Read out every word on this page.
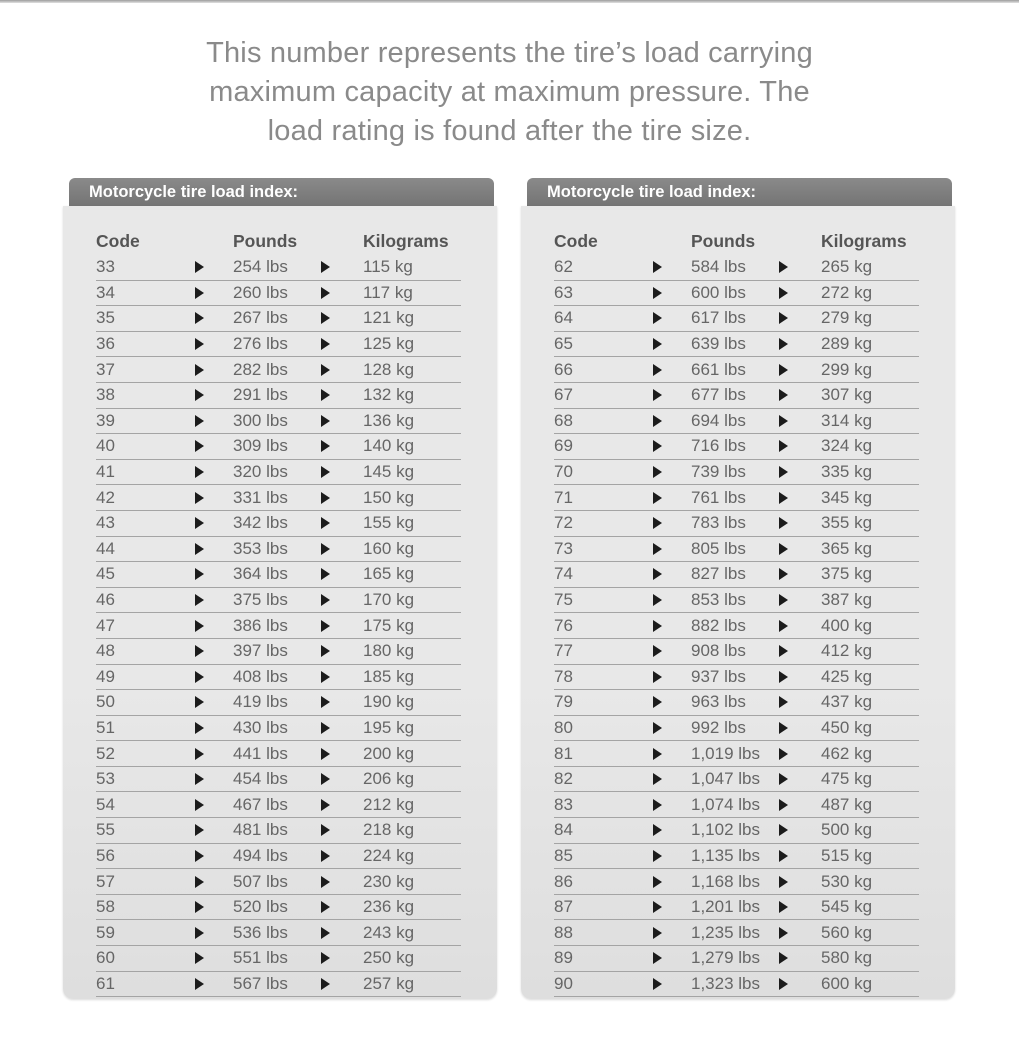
This number represents the tire’s load carrying
maximum capacity at maximum pressure. The
load rating is found after the tire size.
Motorcycle tire load index:
Code	Pounds	Kilograms
33	254 lbs	115 kg
34	260 lbs	117 kg
35	267 lbs	121 kg
36	276 lbs	125 kg
37	282 lbs	128 kg
38	291 lbs	132 kg
39	300 lbs	136 kg
40	309 lbs	140 kg
41	320 lbs	145 kg
42	331 lbs	150 kg
43	342 lbs	155 kg
44	353 lbs	160 kg
45	364 lbs	165 kg
46	375 lbs	170 kg
47	386 lbs	175 kg
48	397 lbs	180 kg
49	408 lbs	185 kg
50	419 lbs	190 kg
51	430 lbs	195 kg
52	441 lbs	200 kg
53	454 lbs	206 kg
54	467 lbs	212 kg
55	481 lbs	218 kg
56	494 lbs	224 kg
57	507 lbs	230 kg
58	520 lbs	236 kg
59	536 lbs	243 kg
60	551 lbs	250 kg
61	567 lbs	257 kg
Motorcycle tire load index:
Code	Pounds	Kilograms
62	584 lbs	265 kg
63	600 lbs	272 kg
64	617 lbs	279 kg
65	639 lbs	289 kg
66	661 lbs	299 kg
67	677 lbs	307 kg
68	694 lbs	314 kg
69	716 lbs	324 kg
70	739 lbs	335 kg
71	761 lbs	345 kg
72	783 lbs	355 kg
73	805 lbs	365 kg
74	827 lbs	375 kg
75	853 lbs	387 kg
76	882 lbs	400 kg
77	908 lbs	412 kg
78	937 lbs	425 kg
79	963 lbs	437 kg
80	992 lbs	450 kg
81	1,019 lbs	462 kg
82	1,047 lbs	475 kg
83	1,074 lbs	487 kg
84	1,102 lbs	500 kg
85	1,135 lbs	515 kg
86	1,168 lbs	530 kg
87	1,201 lbs	545 kg
88	1,235 lbs	560 kg
89	1,279 lbs	580 kg
90	1,323 lbs	600 kg
